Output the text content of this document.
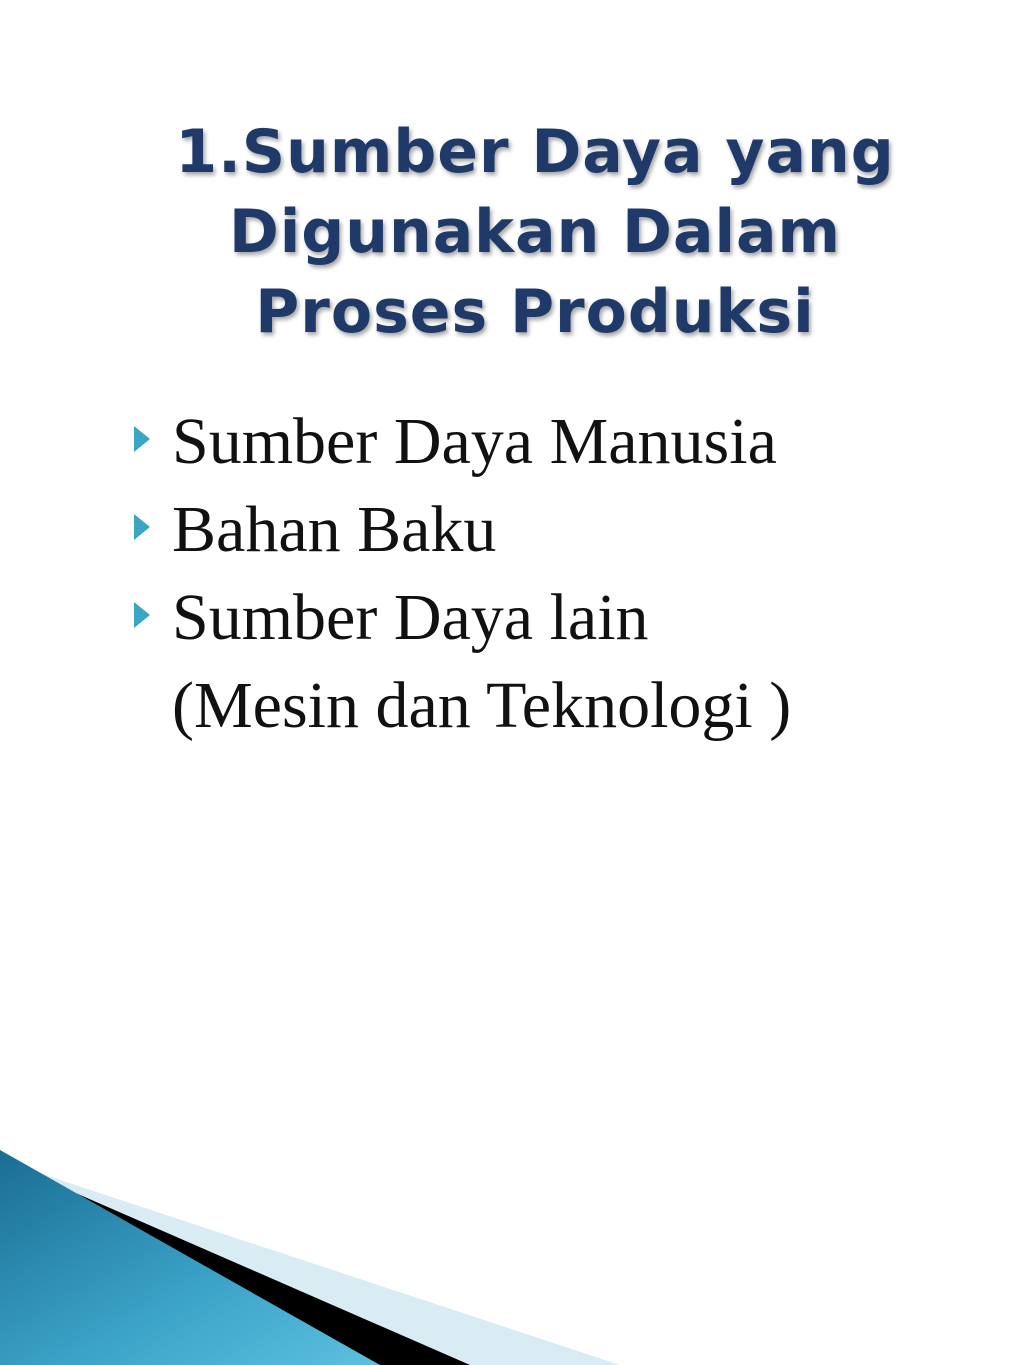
1.Sumber Daya yang
Digunakan Dalam
Proses Produksi
Sumber Daya Manusia
Bahan Baku
Sumber Daya lain
(Mesin dan Teknologi )
